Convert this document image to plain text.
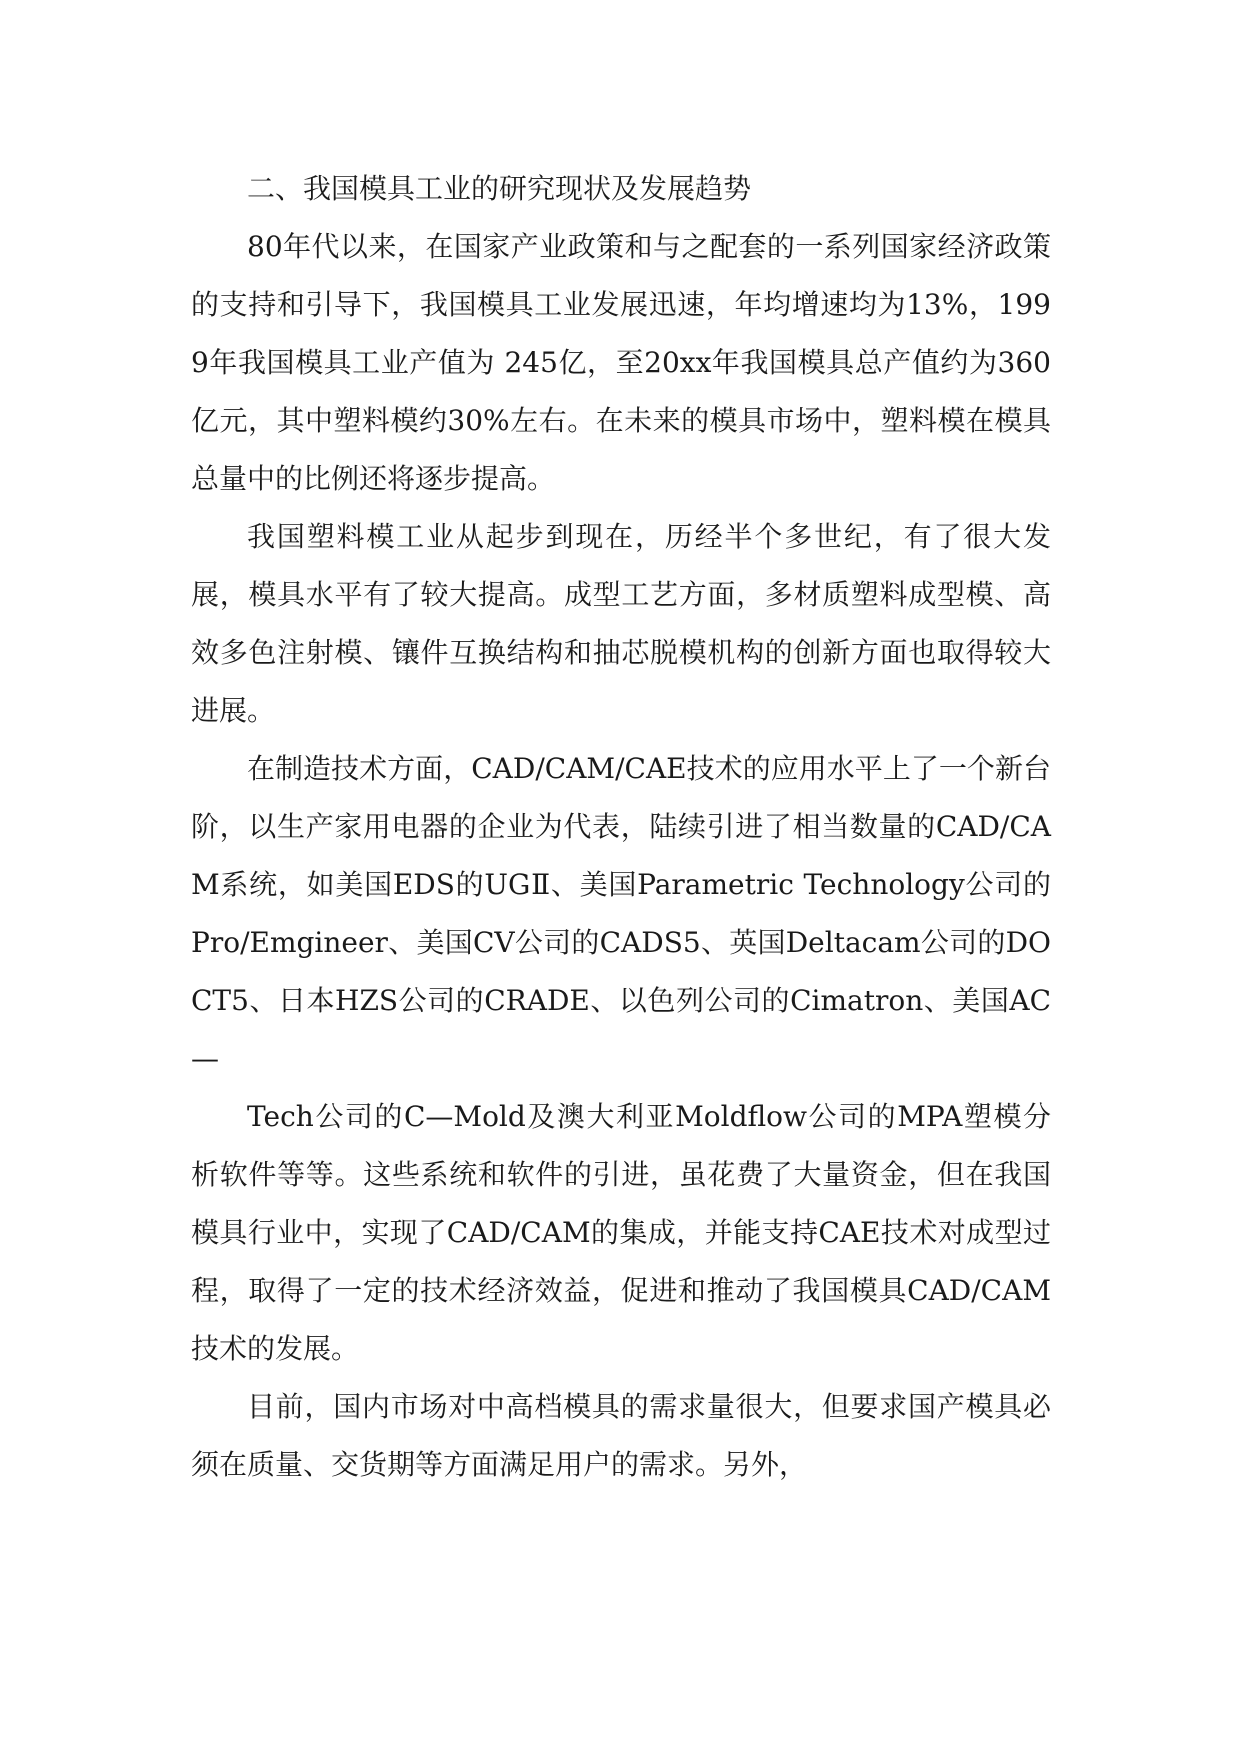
二、我国模具工业的研究现状及发展趋势

80年代以来，在国家产业政策和与之配套的一系列国家经济政策的支持和引导下，我国模具工业发展迅速，年均增速均为13%，1999年我国模具工业产值为 245亿，至20xx年我国模具总产值约为360亿元，其中塑料模约30%左右。在未来的模具市场中，塑料模在模具总量中的比例还将逐步提高。

我国塑料模工业从起步到现在，历经半个多世纪，有了很大发展，模具水平有了较大提高。成型工艺方面，多材质塑料成型模、高效多色注射模、镶件互换结构和抽芯脱模机构的创新方面也取得较大进展。

在制造技术方面，CAD/CAM/CAE技术的应用水平上了一个新台阶，以生产家用电器的企业为代表，陆续引进了相当数量的CAD/CAM系统，如美国EDS的UGⅡ、美国Parametric Technology公司的Pro/Emgineer、美国CV公司的CADS5、英国Deltacam公司的DOCT5、日本HZS公司的CRADE、以色列公司的Cimatron、美国AC—

Tech公司的C—Mold及澳大利亚Moldflow公司的MPA塑模分析软件等等。这些系统和软件的引进，虽花费了大量资金，但在我国模具行业中，实现了CAD/CAM的集成，并能支持CAE技术对成型过程，取得了一定的技术经济效益，促进和推动了我国模具CAD/CAM技术的发展。

目前，国内市场对中高档模具的需求量很大，但要求国产模具必须在质量、交货期等方面满足用户的需求。另外，
